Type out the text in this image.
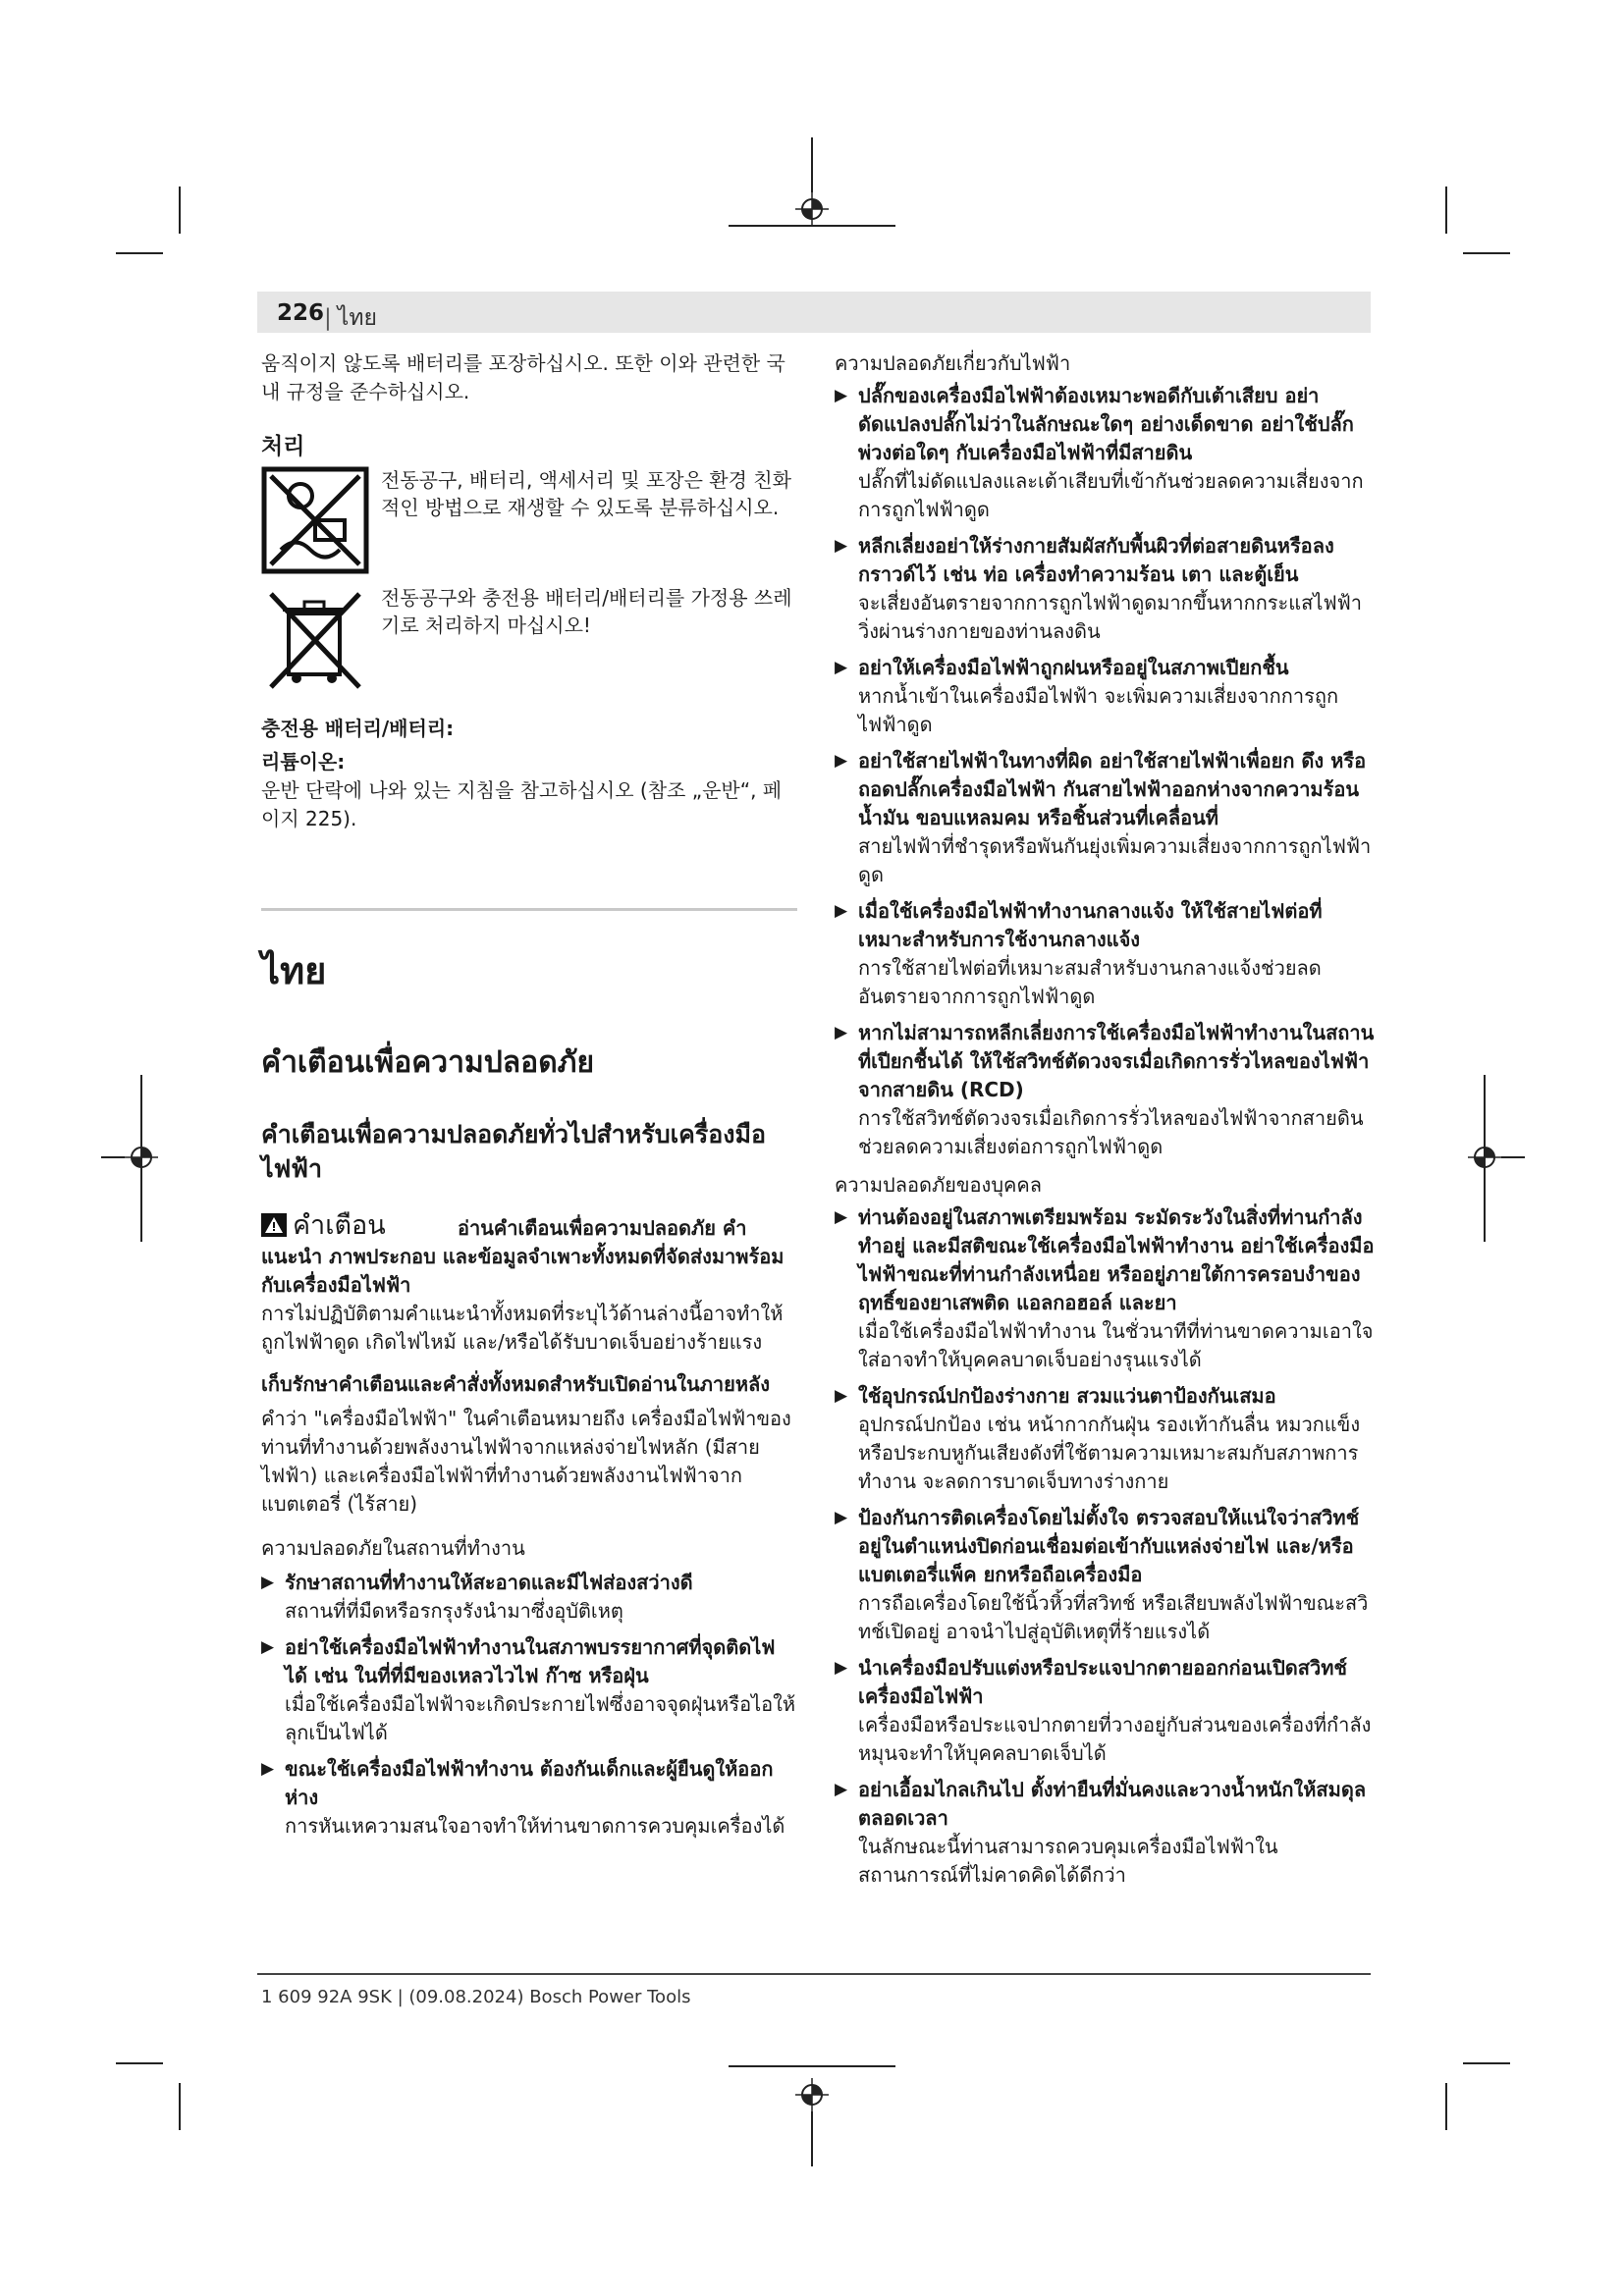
226
| ไทย

움직이지 않도록 배터리를 포장하십시오. 또한 이와 관련한 국내 규정을 준수하십시오.

처리
전동공구, 배터리, 액세서리 및 포장은 환경 친화적인 방법으로 재생할 수 있도록 분류하십시오.
전동공구와 충전용 배터리/배터리를 가정용 쓰레기로 처리하지 마십시오!
충전용 배터리/배터리:
리튬이온:

운반 단락에 나와 있는 지침을 참고하십시오 (참조 „운반“, 페이지 225).

ไทย
คำเตือนเพื่อความปลอดภัย
คำเตือนเพื่อความปลอดภัยทั่วไปสำหรับเครื่องมือไฟฟ้า
คำเตือน	อ่านคำเตือนเพื่อความปลอดภัย คำแนะนำ ภาพประกอบ และข้อมูลจำเพาะทั้งหมดที่จัดส่งมาพร้อมกับเครื่องมือไฟฟ้า

การไม่ปฏิบัติตามคำแนะนำทั้งหมดที่ระบุไว้ด้านล่างนี้อาจทำให้ถูกไฟฟ้าดูด เกิดไฟไหม้ และ/หรือได้รับบาดเจ็บอย่างร้ายแรง

เก็บรักษาคำเตือนและคำสั่งทั้งหมดสำหรับเปิดอ่านในภายหลัง

คำว่า "เครื่องมือไฟฟ้า" ในคำเตือนหมายถึง เครื่องมือไฟฟ้าของท่านที่ทำงานด้วยพลังงานไฟฟ้าจากแหล่งจ่ายไฟหลัก (มีสายไฟฟ้า) และเครื่องมือไฟฟ้าที่ทำงานด้วยพลังงานไฟฟ้าจากแบตเตอรี่ (ไร้สาย)

ความปลอดภัยในสถานที่ทำงาน

▶ รักษาสถานที่ทำงานให้สะอาดและมีไฟส่องสว่างดี
สถานที่ที่มืดหรือรกรุงรังนำมาซึ่งอุบัติเหตุ
▶ อย่าใช้เครื่องมือไฟฟ้าทำงานในสภาพบรรยากาศที่จุดติดไฟได้ เช่น ในที่ที่มีของเหลวไวไฟ ก๊าซ หรือฝุ่น
เมื่อใช้เครื่องมือไฟฟ้าจะเกิดประกายไฟซึ่งอาจจุดฝุ่นหรือไอให้ลุกเป็นไฟได้
▶ ขณะใช้เครื่องมือไฟฟ้าทำงาน ต้องกันเด็กและผู้ยืนดูให้ออกห่าง
การหันเหความสนใจอาจทำให้ท่านขาดการควบคุมเครื่องได้

ความปลอดภัยเกี่ยวกับไฟฟ้า

▶ ปลั๊กของเครื่องมือไฟฟ้าต้องเหมาะพอดีกับเต้าเสียบ อย่าดัดแปลงปลั๊กไม่ว่าในลักษณะใดๆ อย่างเด็ดขาด อย่าใช้ปลั๊กพ่วงต่อใดๆ กับเครื่องมือไฟฟ้าที่มีสายดิน
ปลั๊กที่ไม่ดัดแปลงและเต้าเสียบที่เข้ากันช่วยลดความเสี่ยงจากการถูกไฟฟ้าดูด
▶ หลีกเลี่ยงอย่าให้ร่างกายสัมผัสกับพื้นผิวที่ต่อสายดินหรือลงกราวด์ไว้ เช่น ท่อ เครื่องทำความร้อน เตา และตู้เย็น
จะเสี่ยงอันตรายจากการถูกไฟฟ้าดูดมากขึ้นหากกระแสไฟฟ้าวิ่งผ่านร่างกายของท่านลงดิน
▶ อย่าให้เครื่องมือไฟฟ้าถูกฝนหรืออยู่ในสภาพเปียกชื้น
หากน้ำเข้าในเครื่องมือไฟฟ้า จะเพิ่มความเสี่ยงจากการถูกไฟฟ้าดูด
▶ อย่าใช้สายไฟฟ้าในทางที่ผิด อย่าใช้สายไฟฟ้าเพื่อยก ดึง หรือถอดปลั๊กเครื่องมือไฟฟ้า กันสายไฟฟ้าออกห่างจากความร้อน น้ำมัน ขอบแหลมคม หรือชิ้นส่วนที่เคลื่อนที่
สายไฟฟ้าที่ชำรุดหรือพันกันยุ่งเพิ่มความเสี่ยงจากการถูกไฟฟ้าดูด
▶ เมื่อใช้เครื่องมือไฟฟ้าทำงานกลางแจ้ง ให้ใช้สายไฟต่อที่เหมาะสำหรับการใช้งานกลางแจ้ง
การใช้สายไฟต่อที่เหมาะสมสำหรับงานกลางแจ้งช่วยลดอันตรายจากการถูกไฟฟ้าดูด
▶ หากไม่สามารถหลีกเลี่ยงการใช้เครื่องมือไฟฟ้าทำงานในสถานที่เปียกชื้นได้ ให้ใช้สวิทช์ตัดวงจรเมื่อเกิดการรั่วไหลของไฟฟ้าจากสายดิน (RCD)
การใช้สวิทช์ตัดวงจรเมื่อเกิดการรั่วไหลของไฟฟ้าจากสายดินช่วยลดความเสี่ยงต่อการถูกไฟฟ้าดูด

ความปลอดภัยของบุคคล

▶ ท่านต้องอยู่ในสภาพเตรียมพร้อม ระมัดระวังในสิ่งที่ท่านกำลังทำอยู่ และมีสติขณะใช้เครื่องมือไฟฟ้าทำงาน อย่าใช้เครื่องมือไฟฟ้าขณะที่ท่านกำลังเหนื่อย หรืออยู่ภายใต้การครอบงำของฤทธิ์ของยาเสพติด แอลกอฮอล์ และยา
เมื่อใช้เครื่องมือไฟฟ้าทำงาน ในชั่วนาทีที่ท่านขาดความเอาใจใส่อาจทำให้บุคคลบาดเจ็บอย่างรุนแรงได้
▶ ใช้อุปกรณ์ปกป้องร่างกาย สวมแว่นตาป้องกันเสมอ
อุปกรณ์ปกป้อง เช่น หน้ากากกันฝุ่น รองเท้ากันลื่น หมวกแข็ง หรือประกบหูกันเสียงดังที่ใช้ตามความเหมาะสมกับสภาพการทำงาน จะลดการบาดเจ็บทางร่างกาย
▶ ป้องกันการติดเครื่องโดยไม่ตั้งใจ ตรวจสอบให้แน่ใจว่าสวิทช์อยู่ในตำแหน่งปิดก่อนเชื่อมต่อเข้ากับแหล่งจ่ายไฟ และ/หรือแบตเตอรี่แพ็ค ยกหรือถือเครื่องมือ
การถือเครื่องโดยใช้นิ้วหิ้วที่สวิทช์ หรือเสียบพลังไฟฟ้าขณะสวิทช์เปิดอยู่ อาจนำไปสู่อุบัติเหตุที่ร้ายแรงได้
▶ นำเครื่องมือปรับแต่งหรือประแจปากตายออกก่อนเปิดสวิทช์เครื่องมือไฟฟ้า
เครื่องมือหรือประแจปากตายที่วางอยู่กับส่วนของเครื่องที่กำลังหมุนจะทำให้บุคคลบาดเจ็บได้
▶ อย่าเอื้อมไกลเกินไป ตั้งท่ายืนที่มั่นคงและวางน้ำหนักให้สมดุลตลอดเวลา
ในลักษณะนี้ท่านสามารถควบคุมเครื่องมือไฟฟ้าในสถานการณ์ที่ไม่คาดคิดได้ดีกว่า
1 609 92A 9SK | (09.08.2024) Bosch Power Tools
